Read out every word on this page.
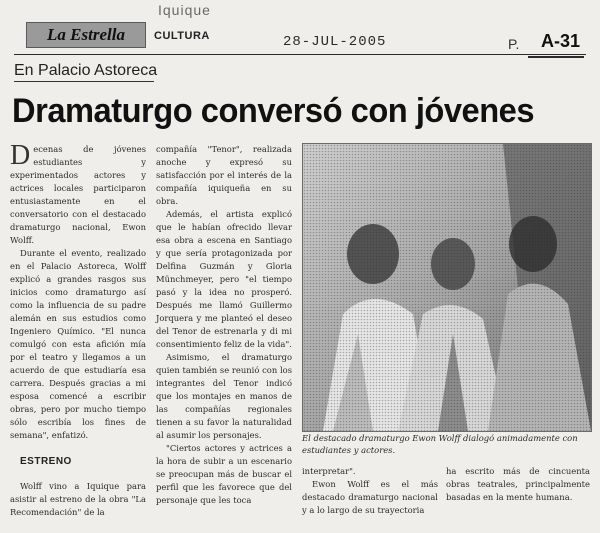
La Estrella
Iquique
CULTURA	28-JUL-2005	P. A-31
En Palacio Astoreca
Dramaturgo conversó con jóvenes

Decenas de jóvenes estudiantes y experimentados actores y actrices locales participaron entusiastamente en el conversatorio con el destacado dramaturgo nacional, Ewon Wolff.

Durante el evento, realizado en el Palacio Astoreca, Wolff explicó a grandes rasgos sus inicios como dramaturgo así como la influencia de su padre alemán en sus estudios como Ingeniero Químico. "El nunca comulgó con esta afición mía por el teatro y llegamos a un acuerdo de que estudiaría esa carrera. Después gracias a mi esposa comencé a escribir obras, pero por mucho tiempo sólo escribía los fines de semana", enfatizó.

ESTRENO

Wolff vino a Iquique para asistir al estreno de la obra "La Recomendación" de la

compañía "Tenor", realizada anoche y expresó su satisfacción por el interés de la compañía iquiqueña en su obra.

Además, el artista explicó que le habían ofrecido llevar esa obra a escena en Santiago y que sería protagonizada por Delfina Guzmán y Gloria Münchmeyer, pero "el tiempo pasó y la idea no prosperó. Después me llamó Guillermo Jorquera y me planteó el deseo del Tenor de estrenarla y di mi consentimiento feliz de la vida".

Asimismo, el dramaturgo quien también se reunió con los integrantes del Tenor indicó que los montajes en manos de las compañías regionales tienen a su favor la naturalidad al asumir los personajes.

"Ciertos actores y actrices a la hora de subir a un escenario se preocupan más de buscar el perfil que les favorece que del personaje que les toca

El destacado dramaturgo Ewon Wolff dialogó animadamente con estudiantes y actores.

interpretar".

Ewon Wolff es el más destacado dramaturgo nacional y a lo largo de su trayectoria

ha escrito más de cincuenta obras teatrales, principalmente basadas en la mente humana.
